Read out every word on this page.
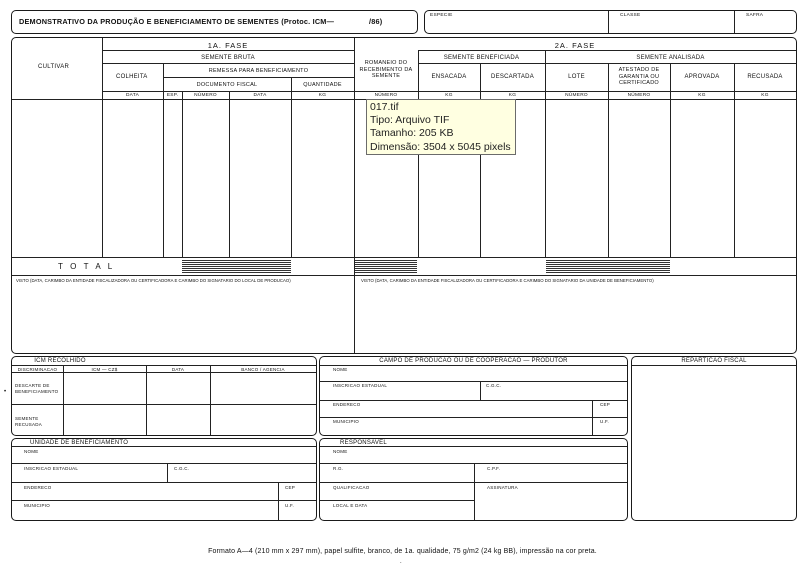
DEMONSTRATIVO DA PRODUÇÃO E BENEFICIAMENTO DE SEMENTES (Protoc. ICM—	/86)
ESPECIE	CLASSE	SAFRA
CULTIVAR
1A. FASE	2A. FASE
SEMENTE BRUTA
COLHEITA
REMESSA PARA BENEFICIAMENTO
DOCUMENTO FISCAL	QUANTIDADE
ROMANEIO DO RECEBIMENTO DA SEMENTE
SEMENTE BENEFICIADA
ENSACADA	DESCARTADA
SEMENTE ANALISADA
LOTE
ATESTADO DE GARANTIA OU CERTIFICADO
APROVADA	RECUSADA
DATA	ESP.	NÚMERO	DATA	KG	NÚMERO	KG	KG	NÚMERO	NÚMERO	KG	KG
T O T A L
VISTO (DATA, CARIMBO DA ENTIDADE FISCALIZADORA OU CERTIFICADORA E CARIMBO DO SIGNATARIO DO LOCAL DE PRODUCAO)	VISTO (DATA, CARIMBO DA ENTIDADE FISCALIZADORA OU CERTIFICADORA E CARIMBO DO SIGNATARIO DA UNIDADE DE BENEFICIAMENTO)
ICM RECOLHIDO
DISCRIMINACAO	ICM — CZ$	DATA	BANCO / AGENCIA
DESCARTE DE BENEFICIAMENTO
SEMENTE RECUSADA
•
CAMPO DE PRODUCAO OU DE COOPERACAO — PRODUTOR
NOME
INSCRICAO ESTADUAL	C.G.C.
ENDERECO	CEP
MUNICIPIO	U.F.
REPARTICAO FISCAL
UNIDADE DE BENEFICIAMENTO
NOME
INSCRICAO ESTADUAL	C.G.C.
ENDERECO	CEP
MUNICIPIO	U.F.
RESPONSAVEL
NOME
R.G.	C.P.F.
QUALIFICACAO	ASSINATURA
LOCAL E DATA
Formato A—4 (210 mm x 297 mm), papel sulfite, branco, de 1a. qualidade, 75 g/m2 (24 kg BB), impressão na cor preta.
.
017.tif
Tipo: Arquivo TIF
Tamanho: 205 KB
Dimensão: 3504 x 5045 pixels
